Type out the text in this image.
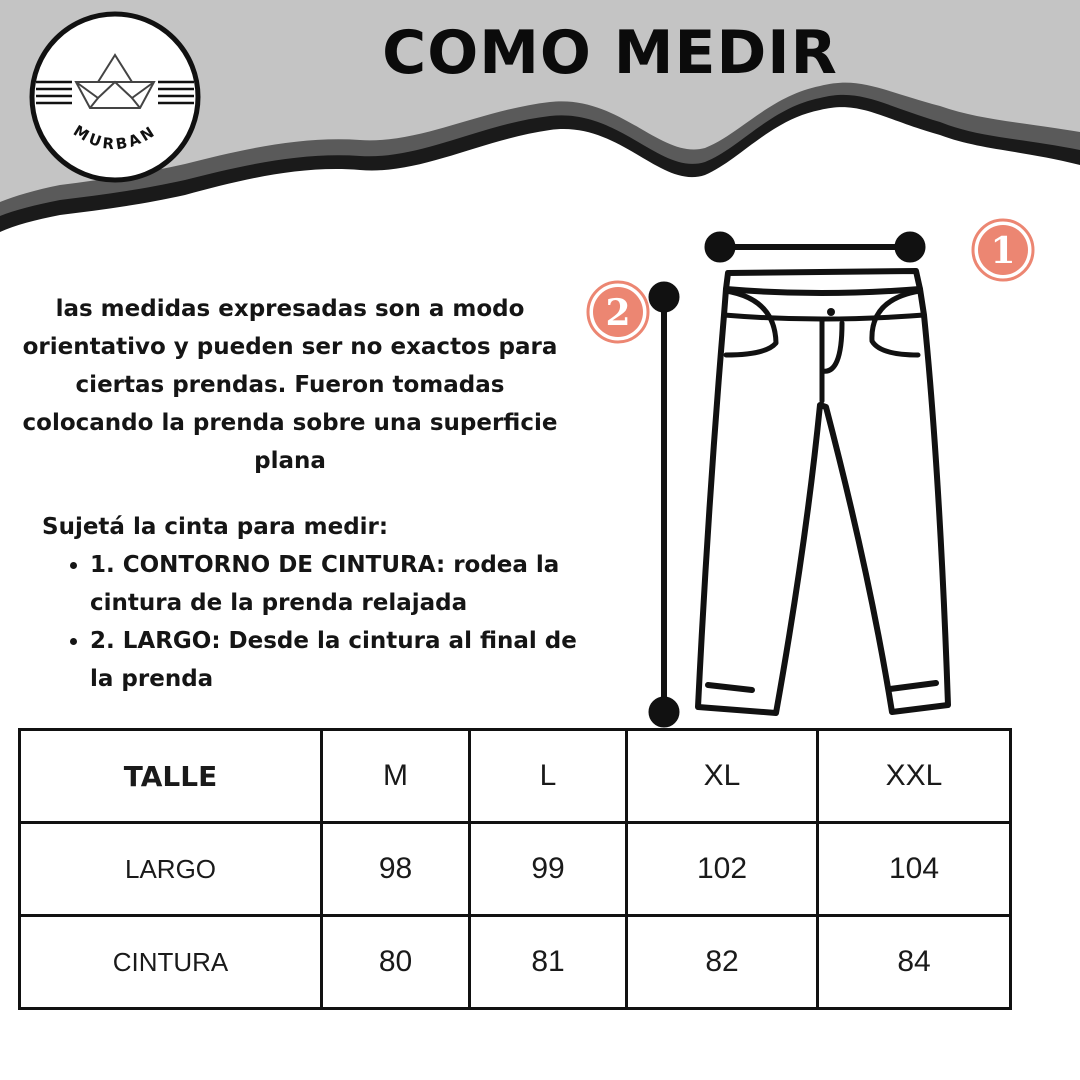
MURBAN
COMO MEDIR
las medidas expresadas son a modo orientativo y pueden ser no exactos para ciertas prendas. Fueron tomadas colocando la prenda sobre una superficie plana
Sujetá la cinta para medir:
• 1. CONTORNO DE CINTURA: rodea la cintura de la prenda relajada
• 2. LARGO: Desde la cintura al final de la prenda
1
2
TALLE	M	L	XL	XXL
LARGO	98	99	102	104
CINTURA	80	81	82	84
